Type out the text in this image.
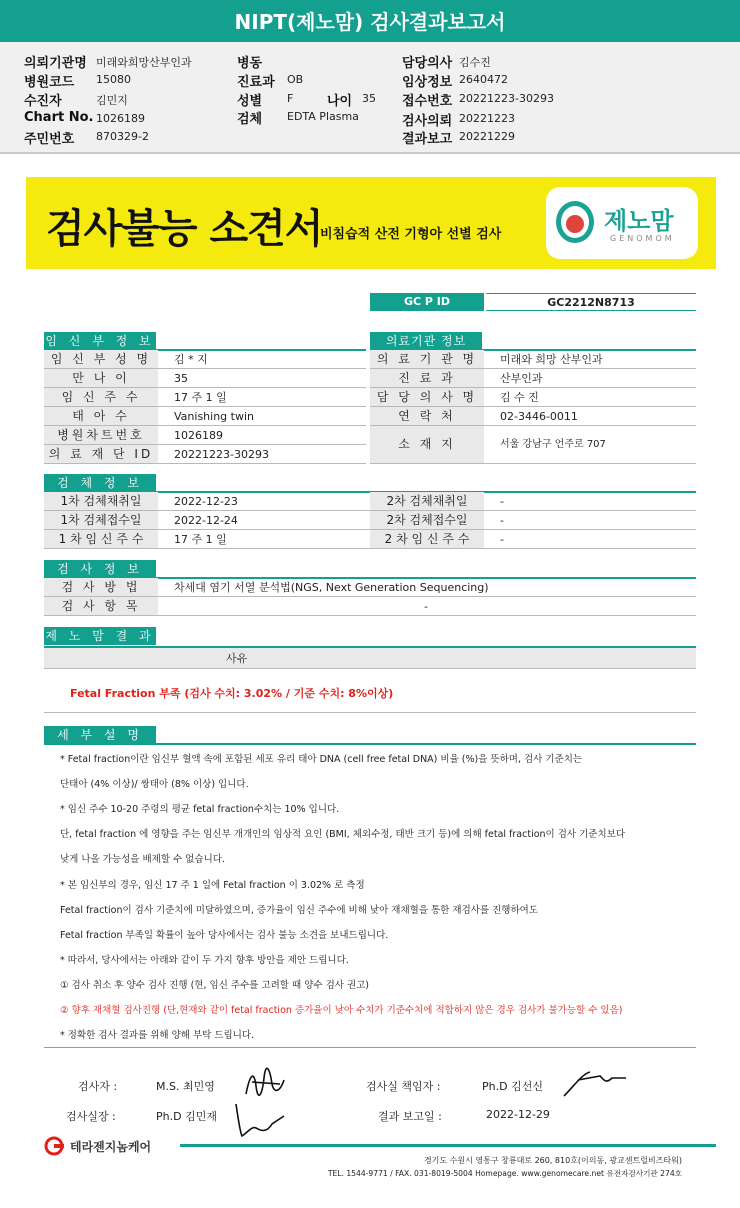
NIPT(제노맘) 검사결과보고서
의뢰기관명 미래와희망산부인과
병원코드 15080
수진자	김민지
Chart No. 1026189
주민번호 870329-2
병동
진료과 OB
성별 F	나이 35
검체 EDTA Plasma
담당의사 김수진
임상정보 2640472
접수번호 20221223-30293
검사의뢰 20221223
결과보고 20221229
검사불능 소견서
비침습적 산전 기형아 선별 검사	제노맘
GENOMOM
GC P ID	GC2212N8713
임 신 부 정 보
임 신 부 성 명	김 * 지
만 나 이	35
임 신 주 수	17 주 1 일
태 아 수	Vanishing twin
병원차트번호	1026189
의 료 재 단 ID	20221223-30293
의료기관 정보
의 료 기 관 명	미래와 희망 산부인과
진 료 과	산부인과
담 당 의 사 명	김 수 진
연 락 처	02-3446-0011
소 재 지	서울 강남구 언주로 707
검 체 정 보
1차 검체채취일	2022-12-23	2차 검체채취일	-
1차 검체접수일	2022-12-24	2차 검체접수일	-
1 차 임 신 주 수	17 주 1 일	2 차 임 신 주 수	-
검 사 정 보
검 사 방 법	차세대 염기 서열 분석법(NGS, Next Generation Sequencing)
검 사 항 목	-
제 노 맘 결 과
사유
Fetal Fraction 부족 (검사 수치: 3.02% / 기준 수치: 8%이상)
세 부 설 명
* Fetal fraction이란 임신부 혈액 속에 포함된 세포 유리 태아 DNA (cell free fetal DNA) 비율 (%)을 뜻하며, 검사 기준치는
단태아 (4% 이상)/ 쌍태아 (8% 이상) 입니다.
* 임신 주수 10-20 주령의 평균 fetal fraction수치는 10% 입니다.
단, fetal fraction 에 영향을 주는 임신부 개개인의 임상적 요인 (BMI, 체외수정, 태반 크기 등)에 의해 fetal fraction이 검사 기준치보다
낮게 나올 가능성을 배제할 수 없습니다.
* 본 임신부의 경우, 임신 17 주 1 일에 Fetal fraction 이 3.02% 로 측정
Fetal fraction이 검사 기준치에 미달하였으며, 증가율이 임신 주수에 비해 낮아 재채혈을 통한 재검사를 진행하여도
Fetal fraction 부족일 확률이 높아 당사에서는 검사 불능 소견을 보내드립니다.
* 따라서, 당사에서는 아래와 같이 두 가지 향후 방안을 제안 드립니다.
① 검사 취소 후 양수 검사 진행 (현, 임신 주수를 고려할 때 양수 검사 권고)
② 향후 재채혈 검사진행 (단,현재와 같이 fetal fraction 증가율이 낮아 수치가 기준수치에 적합하지 않은 경우 검사가 불가능할 수 있음)
* 정확한 검사 결과를 위해 양해 부탁 드립니다.
검사자 :	M.S. 최민영	검사실 책임자 :	Ph.D 김선신
검사실장 :	Ph.D 김민재	결과 보고일 :	2022-12-29
테라젠지놈케어
경기도 수원시 영통구 창룡대로 260, 810호(이의동, 광교센트럴비즈타워)
TEL. 1544-9771 / FAX. 031-8019-5004 Homepage. www.genomecare.net 유전자검사기관 274호
